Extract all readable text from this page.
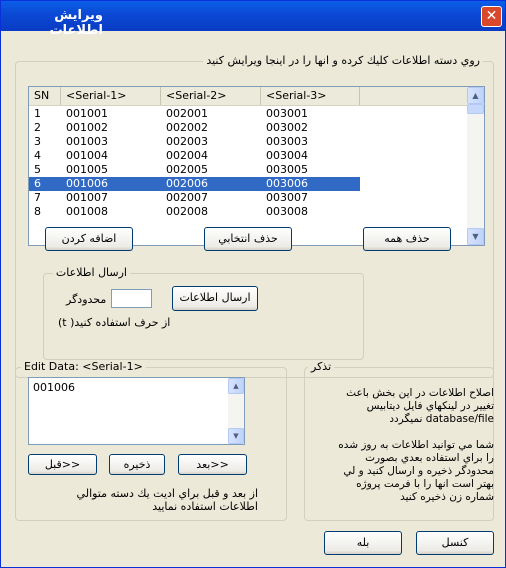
ويرايش اطلاعات
✕
روي دسته اطلاعات كليك كرده و انها را در اينجا ويرايش كنيد
SN	<Serial-1>	<Serial-2>	<Serial-3>
1	001001	002001	003001
2	001002	002002	003002
3	001003	002003	003003
4	001004	002004	003004
5	001005	002005	003005
6	001006	002006	003006
7	001007	002007	003007
8	001008	002008	003008
▲
▼
اضافه كردن	حذف انتخابي	حذف همه
ارسال اطلاعات
محدودگر	ارسال اطلاعات
از حرف استفاده كنيد( t)
Edit Data: <Serial-1>
001006	▲
▼
قبل>>	ذخيره	بعد>>
از بعد و قبل براي اديت يك دسته متوالي
اطلاعات استفاده نماييد
تذكر
اصلاح اطلاعات در اين بخش باعث
تغيير در لينكهاي فايل ديتابيس
database/file نميگردد
شما مي توانيد اطلاعات به روز شده
را براي استفاده بعدي بصورت
محدودگر ذخيره و ارسال كنيد و لي
بهتر است انها را با فرمت پروژه
شماره زن ذخيره كنيد
بله	كنسل
